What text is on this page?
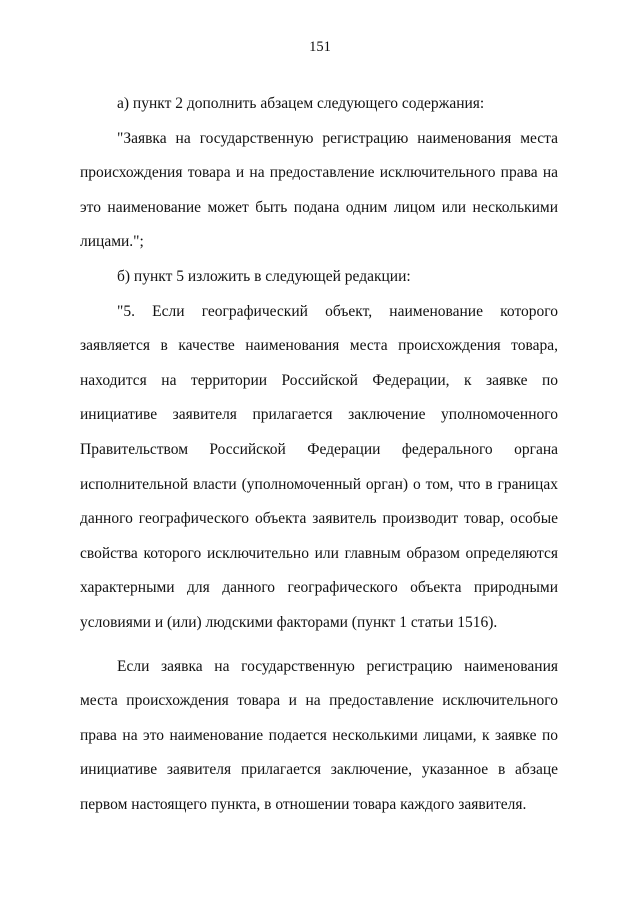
151

а) пункт 2 дополнить абзацем следующего содержания:

"Заявка на государственную регистрацию наименования места происхождения товара и на предоставление исключительного права на это наименование может быть подана одним лицом или несколькими лицами.";

б) пункт 5 изложить в следующей редакции:

"5. Если географический объект, наименование которого заявляется в качестве наименования места происхождения товара, находится на территории Российской Федерации, к заявке по инициативе заявителя прилагается заключение уполномоченного Правительством Российской Федерации федерального органа исполнительной власти (уполномоченный орган) о том, что в границах данного географического объекта заявитель производит товар, особые свойства которого исключительно или главным образом определяются характерными для данного географического объекта природными условиями и (или) людскими факторами (пункт 1 статьи 1516).

Если заявка на государственную регистрацию наименования места происхождения товара и на предоставление исключительного права на это наименование подается несколькими лицами, к заявке по инициативе заявителя прилагается заключение, указанное в абзаце первом настоящего пункта, в отношении товара каждого заявителя.
